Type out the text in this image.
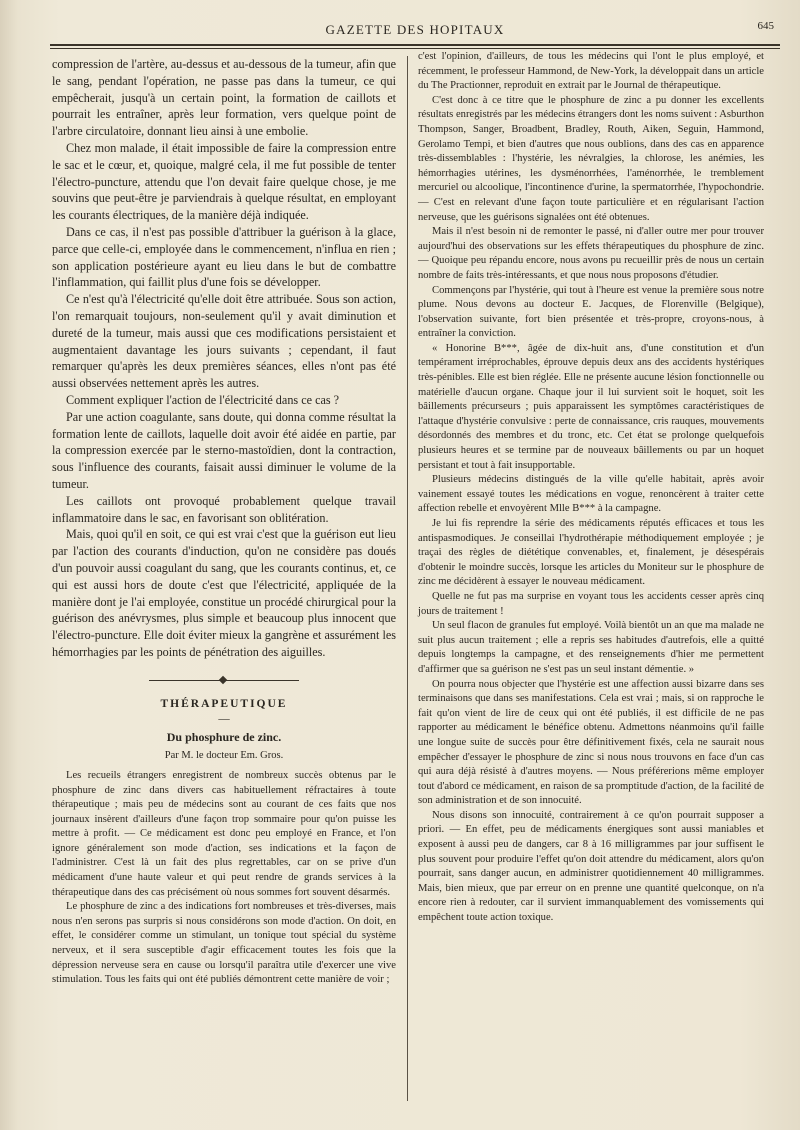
GAZETTE DES HOPITAUX	645

compression de l'artère, au-dessus et au-dessous de la tumeur, afin que le sang, pendant l'opération, ne passe pas dans la tumeur, ce qui empêcherait, jusqu'à un certain point, la formation de caillots et pourrait les entraîner, après leur formation, vers quelque point de l'arbre circulatoire, donnant lieu ainsi à une embolie.

Chez mon malade, il était impossible de faire la compression entre le sac et le cœur, et, quoique, malgré cela, il me fut possible de tenter l'électro-puncture, attendu que l'on devait faire quelque chose, je me souvins que peut-être je parviendrais à quelque résultat, en employant les courants électriques, de la manière déjà indiquée.

Dans ce cas, il n'est pas possible d'attribuer la guérison à la glace, parce que celle-ci, employée dans le commencement, n'influa en rien ; son application postérieure ayant eu lieu dans le but de combattre l'inflammation, qui faillit plus d'une fois se développer.

Ce n'est qu'à l'électricité qu'elle doit être attribuée. Sous son action, l'on remarquait toujours, non-seulement qu'il y avait diminution et dureté de la tumeur, mais aussi que ces modifications persistaient et augmentaient davantage les jours suivants ; cependant, il faut remarquer qu'après les deux premières séances, elles n'ont pas été aussi observées nettement après les autres.

Comment expliquer l'action de l'électricité dans ce cas ?

Par une action coagulante, sans doute, qui donna comme résultat la formation lente de caillots, laquelle doit avoir été aidée en partie, par la compression exercée par le sterno-mastoïdien, dont la contraction, sous l'influence des courants, faisait aussi diminuer le volume de la tumeur.

Les caillots ont provoqué probablement quelque travail inflammatoire dans le sac, en favorisant son oblitération.

Mais, quoi qu'il en soit, ce qui est vrai c'est que la guérison eut lieu par l'action des courants d'induction, qu'on ne considère pas doués d'un pouvoir aussi coagulant du sang, que les courants continus, et, ce qui est aussi hors de doute c'est que l'électricité, appliquée de la manière dont je l'ai employée, constitue un procédé chirurgical pour la guérison des anévrysmes, plus simple et beaucoup plus innocent que l'électro-puncture. Elle doit éviter mieux la gangrène et assurément les hémorrhagies par les points de pénétration des aiguilles.

THÉRAPEUTIQUE
—
Du phosphure de zinc.
Par M. le docteur Em. Gros.

Les recueils étrangers enregistrent de nombreux succès obtenus par le phosphure de zinc dans divers cas habituellement réfractaires à toute thérapeutique ; mais peu de médecins sont au courant de ces faits que nos journaux insèrent d'ailleurs d'une façon trop sommaire pour qu'on puisse les mettre à profit. — Ce médicament est donc peu employé en France, et l'on ignore généralement son mode d'action, ses indications et la façon de l'administrer. C'est là un fait des plus regrettables, car on se prive d'un médicament d'une haute valeur et qui peut rendre de grands services à la thérapeutique dans des cas précisément où nous sommes fort souvent désarmés.

Le phosphure de zinc a des indications fort nombreuses et très-diverses, mais nous n'en serons pas surpris si nous considérons son mode d'action. On doit, en effet, le considérer comme un stimulant, un tonique tout spécial du système nerveux, et il sera susceptible d'agir efficacement toutes les fois que la dépression nerveuse sera en cause ou lorsqu'il paraîtra utile d'exercer une vive stimulation. Tous les faits qui ont été publiés démontrent cette manière de voir ;

c'est l'opinion, d'ailleurs, de tous les médecins qui l'ont le plus employé, et récemment, le professeur Hammond, de New-York, la développait dans un article du The Practionner, reproduit en extrait par le Journal de thérapeutique.

C'est donc à ce titre que le phosphure de zinc a pu donner les excellents résultats enregistrés par les médecins étrangers dont les noms suivent : Asburthon Thompson, Sanger, Broadbent, Bradley, Routh, Aiken, Seguin, Hammond, Gerolamo Tempi, et bien d'autres que nous oublions, dans des cas en apparence très-dissemblables : l'hystérie, les névralgies, la chlorose, les anémies, les hémorrhagies utérines, les dysménorrhées, l'aménorrhée, le tremblement mercuriel ou alcoolique, l'incontinence d'urine, la spermatorrhée, l'hypochondrie. — C'est en relevant d'une façon toute particulière et en régularisant l'action nerveuse, que les guérisons signalées ont été obtenues.

Mais il n'est besoin ni de remonter le passé, ni d'aller outre mer pour trouver aujourd'hui des observations sur les effets thérapeutiques du phosphure de zinc. — Quoique peu répandu encore, nous avons pu recueillir près de nous un certain nombre de faits très-intéressants, et que nous nous proposons d'étudier.

Commençons par l'hystérie, qui tout à l'heure est venue la première sous notre plume. Nous devons au docteur E. Jacques, de Florenville (Belgique), l'observation suivante, fort bien présentée et très-propre, croyons-nous, à entraîner la conviction.

« Honorine B***, âgée de dix-huit ans, d'une constitution et d'un tempérament irréprochables, éprouve depuis deux ans des accidents hystériques très-pénibles. Elle est bien réglée. Elle ne présente aucune lésion fonctionnelle ou matérielle d'aucun organe. Chaque jour il lui survient soit le hoquet, soit les bâillements précurseurs ; puis apparaissent les symptômes caractéristiques de l'attaque d'hystérie convulsive : perte de connaissance, cris rauques, mouvements désordonnés des membres et du tronc, etc. Cet état se prolonge quelquefois plusieurs heures et se termine par de nouveaux bâillements ou par un hoquet persistant et tout à fait insupportable.

Plusieurs médecins distingués de la ville qu'elle habitait, après avoir vainement essayé toutes les médications en vogue, renoncèrent à traiter cette affection rebelle et envoyèrent Mlle B*** à la campagne.

Je lui fis reprendre la série des médicaments réputés efficaces et tous les antispasmodiques. Je conseillai l'hydrothérapie méthodiquement employée ; je traçai des règles de diététique convenables, et, finalement, je désespérais d'obtenir le moindre succès, lorsque les articles du Moniteur sur le phosphure de zinc me décidèrent à essayer le nouveau médicament.

Quelle ne fut pas ma surprise en voyant tous les accidents cesser après cinq jours de traitement !

Un seul flacon de granules fut employé. Voilà bientôt un an que ma malade ne suit plus aucun traitement ; elle a repris ses habitudes d'autrefois, elle a quitté depuis longtemps la campagne, et des renseignements d'hier me permettent d'affirmer que sa guérison ne s'est pas un seul instant démentie. »

On pourra nous objecter que l'hystérie est une affection aussi bizarre dans ses terminaisons que dans ses manifestations. Cela est vrai ; mais, si on rapproche le fait qu'on vient de lire de ceux qui ont été publiés, il est difficile de ne pas rapporter au médicament le bénéfice obtenu. Admettons néanmoins qu'il faille une longue suite de succès pour être définitivement fixés, cela ne saurait nous empêcher d'essayer le phosphure de zinc si nous nous trouvons en face d'un cas qui aura déjà résisté à d'autres moyens. — Nous préférerions même employer tout d'abord ce médicament, en raison de sa promptitude d'action, de la facilité de son administration et de son innocuité.

Nous disons son innocuité, contrairement à ce qu'on pourrait supposer a priori. — En effet, peu de médicaments énergiques sont aussi maniables et exposent à aussi peu de dangers, car 8 à 16 milligrammes par jour suffisent le plus souvent pour produire l'effet qu'on doit attendre du médicament, alors qu'on pourrait, sans danger aucun, en administrer quotidiennement 40 milligrammes. Mais, bien mieux, que par erreur on en prenne une quantité quelconque, on n'a encore rien à redouter, car il survient immanquablement des vomissements qui empêchent toute action toxique.
